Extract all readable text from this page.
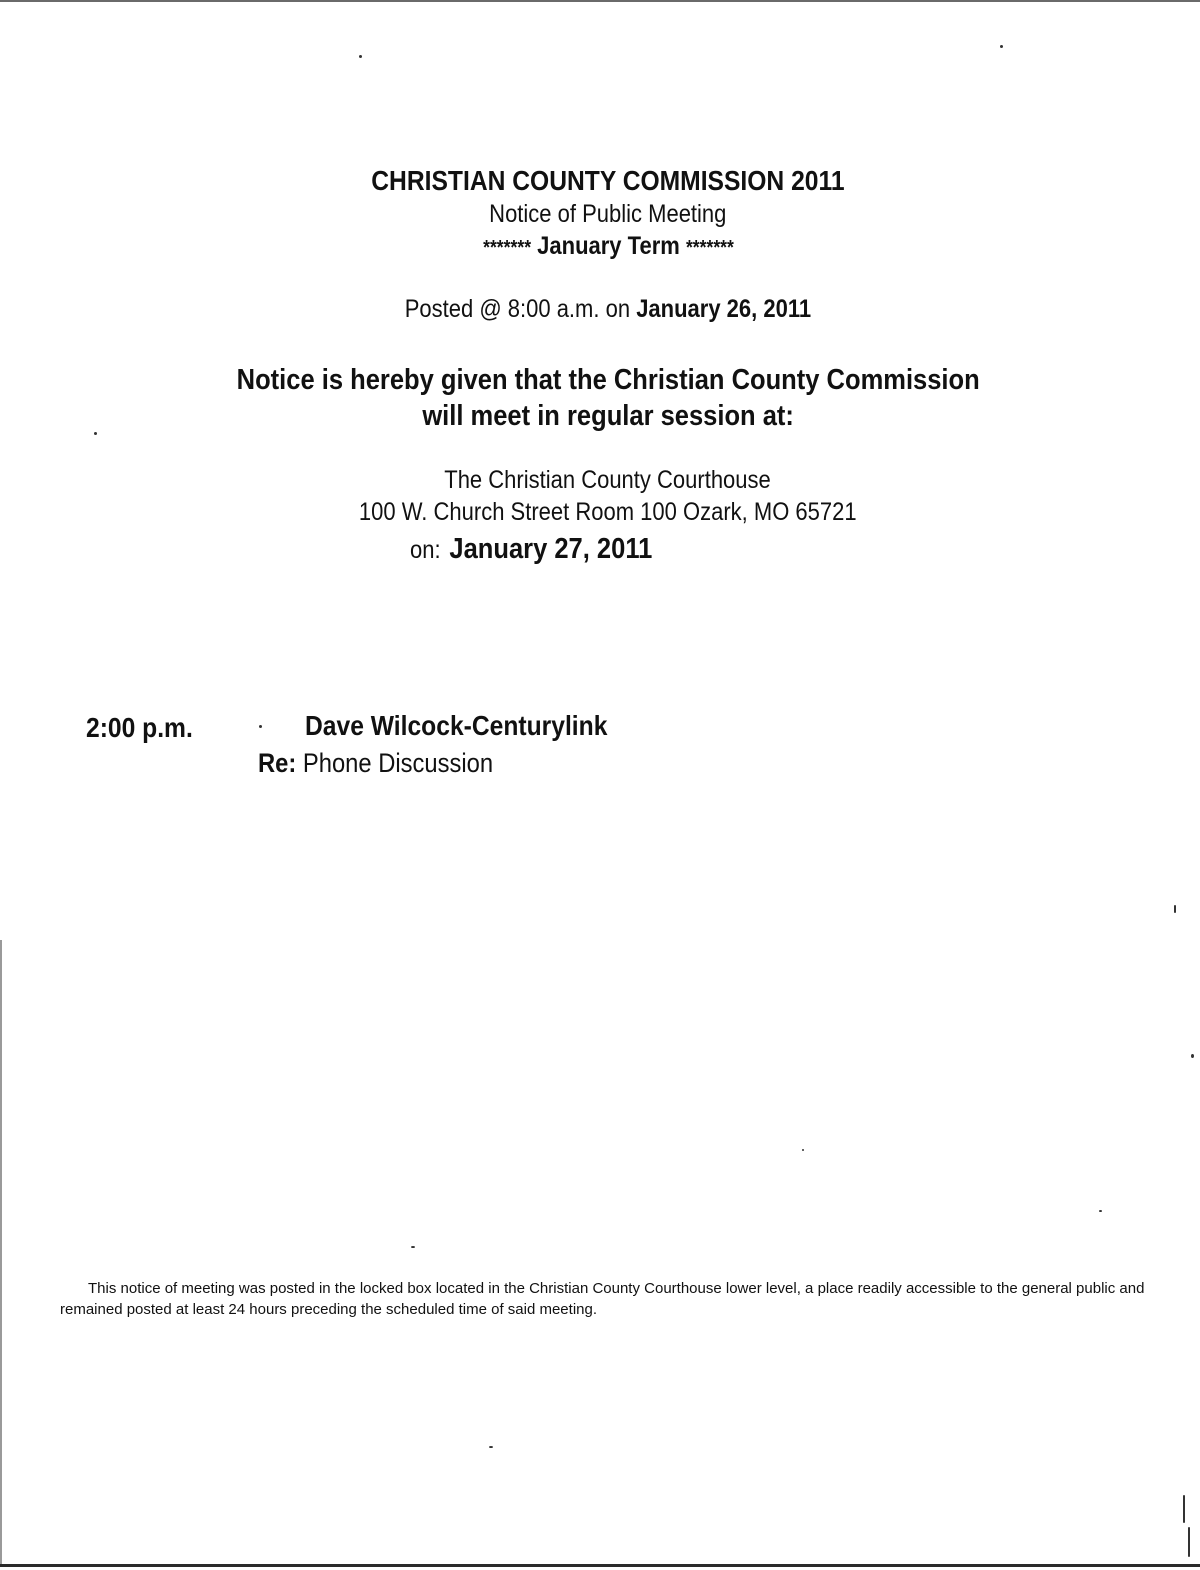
CHRISTIAN COUNTY COMMISSION 2011
Notice of Public Meeting
******* January Term *******
Posted @ 8:00 a.m. on January 26, 2011
Notice is hereby given that the Christian County Commission
will meet in regular session at:
The Christian County Courthouse
100 W. Church Street Room 100 Ozark, MO 65721
on: January 27, 2011
2:00 p.m.	Dave Wilcock-Centurylink
Re: Phone Discussion
This notice of meeting was posted in the locked box located in the Christian County Courthouse lower level, a place readily accessible to the general public and remained posted at least 24 hours preceding the scheduled time of said meeting.
